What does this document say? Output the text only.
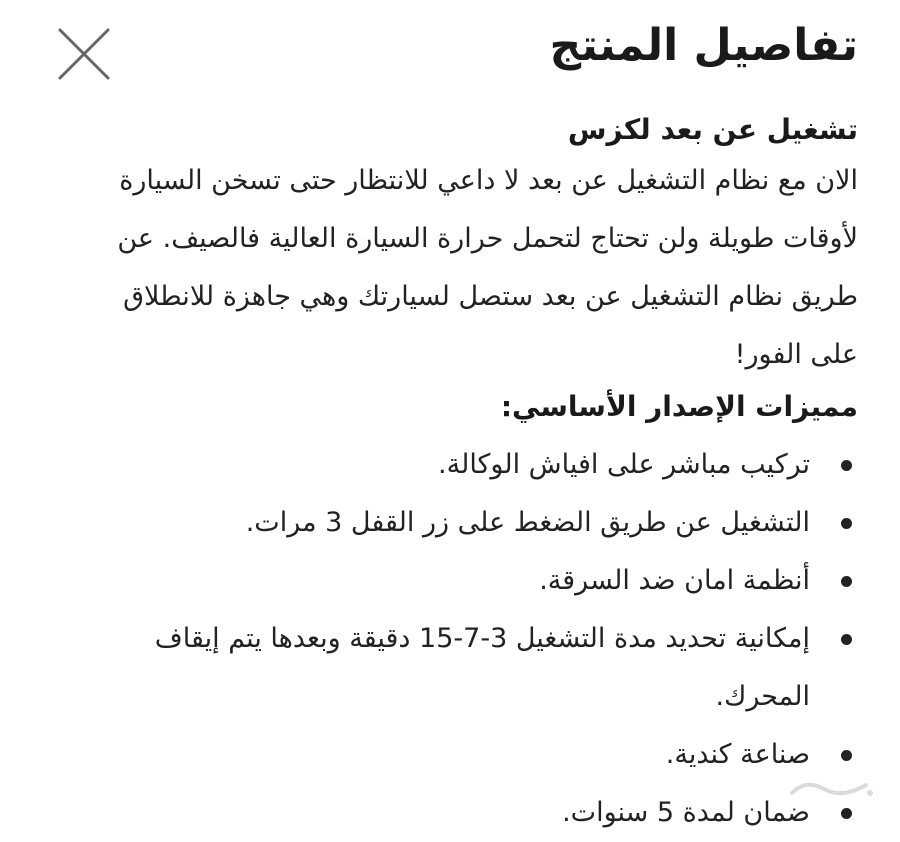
تفاصيل المنتج
تشغيل عن بعد لكزس

الان مع نظام التشغيل عن بعد لا داعي للانتظار حتى تسخن السيارة لأوقات طويلة ولن تحتاج لتحمل حرارة السيارة العالية فالصيف. عن طريق نظام التشغيل عن بعد ستصل لسيارتك وهي جاهزة للانطلاق على الفور!

مميزات الإصدار الأساسي:
تركيب مباشر على افياش الوكالة.
التشغيل عن طريق الضغط على زر القفل 3 مرات.
أنظمة امان ضد السرقة.
إمكانية تحديد مدة التشغيل 3-7-15 دقيقة وبعدها يتم إيقاف المحرك.
صناعة كندية.
ضمان لمدة 5 سنوات.
